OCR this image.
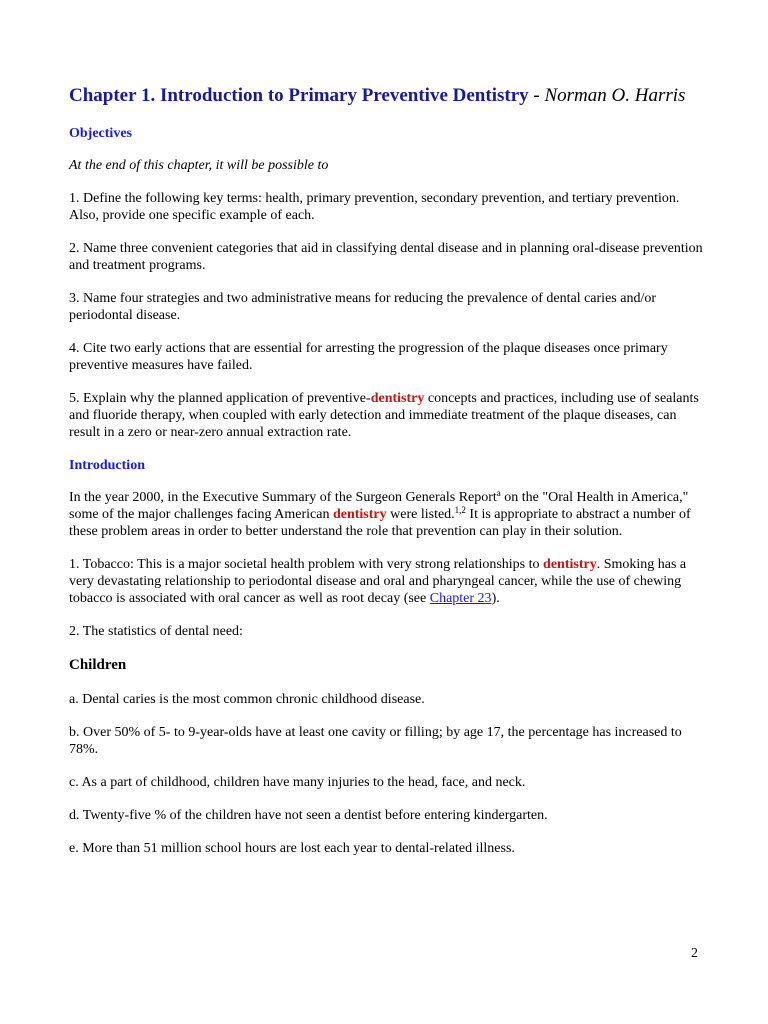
Chapter 1. Introduction to Primary Preventive Dentistry - Norman O. Harris
Objectives

At the end of this chapter, it will be possible to

1. Define the following key terms: health, primary prevention, secondary prevention, and tertiary prevention. Also, provide one specific example of each.

2. Name three convenient categories that aid in classifying dental disease and in planning oral-disease prevention and treatment programs.

3. Name four strategies and two administrative means for reducing the prevalence of dental caries and/or periodontal disease.

4. Cite two early actions that are essential for arresting the progression of the plaque diseases once primary preventive measures have failed.

5. Explain why the planned application of preventive-dentistry concepts and practices, including use of sealants and fluoride therapy, when coupled with early detection and immediate treatment of the plaque diseases, can result in a zero or near-zero annual extraction rate.

Introduction

In the year 2000, in the Executive Summary of the Surgeon Generals Report$^a$ on the "Oral Health in America," some of the major challenges facing American dentistry were listed.$^{1,2}$ It is appropriate to abstract a number of these problem areas in order to better understand the role that prevention can play in their solution.

1. Tobacco: This is a major societal health problem with very strong relationships to dentistry. Smoking has a very devastating relationship to periodontal disease and oral and pharyngeal cancer, while the use of chewing tobacco is associated with oral cancer as well as root decay (see Chapter 23).

2. The statistics of dental need:

Children

a. Dental caries is the most common chronic childhood disease.

b. Over 50% of 5- to 9-year-olds have at least one cavity or filling; by age 17, the percentage has increased to 78%.

c. As a part of childhood, children have many injuries to the head, face, and neck.

d. Twenty-five % of the children have not seen a dentist before entering kindergarten.

e. More than 51 million school hours are lost each year to dental-related illness.

2
